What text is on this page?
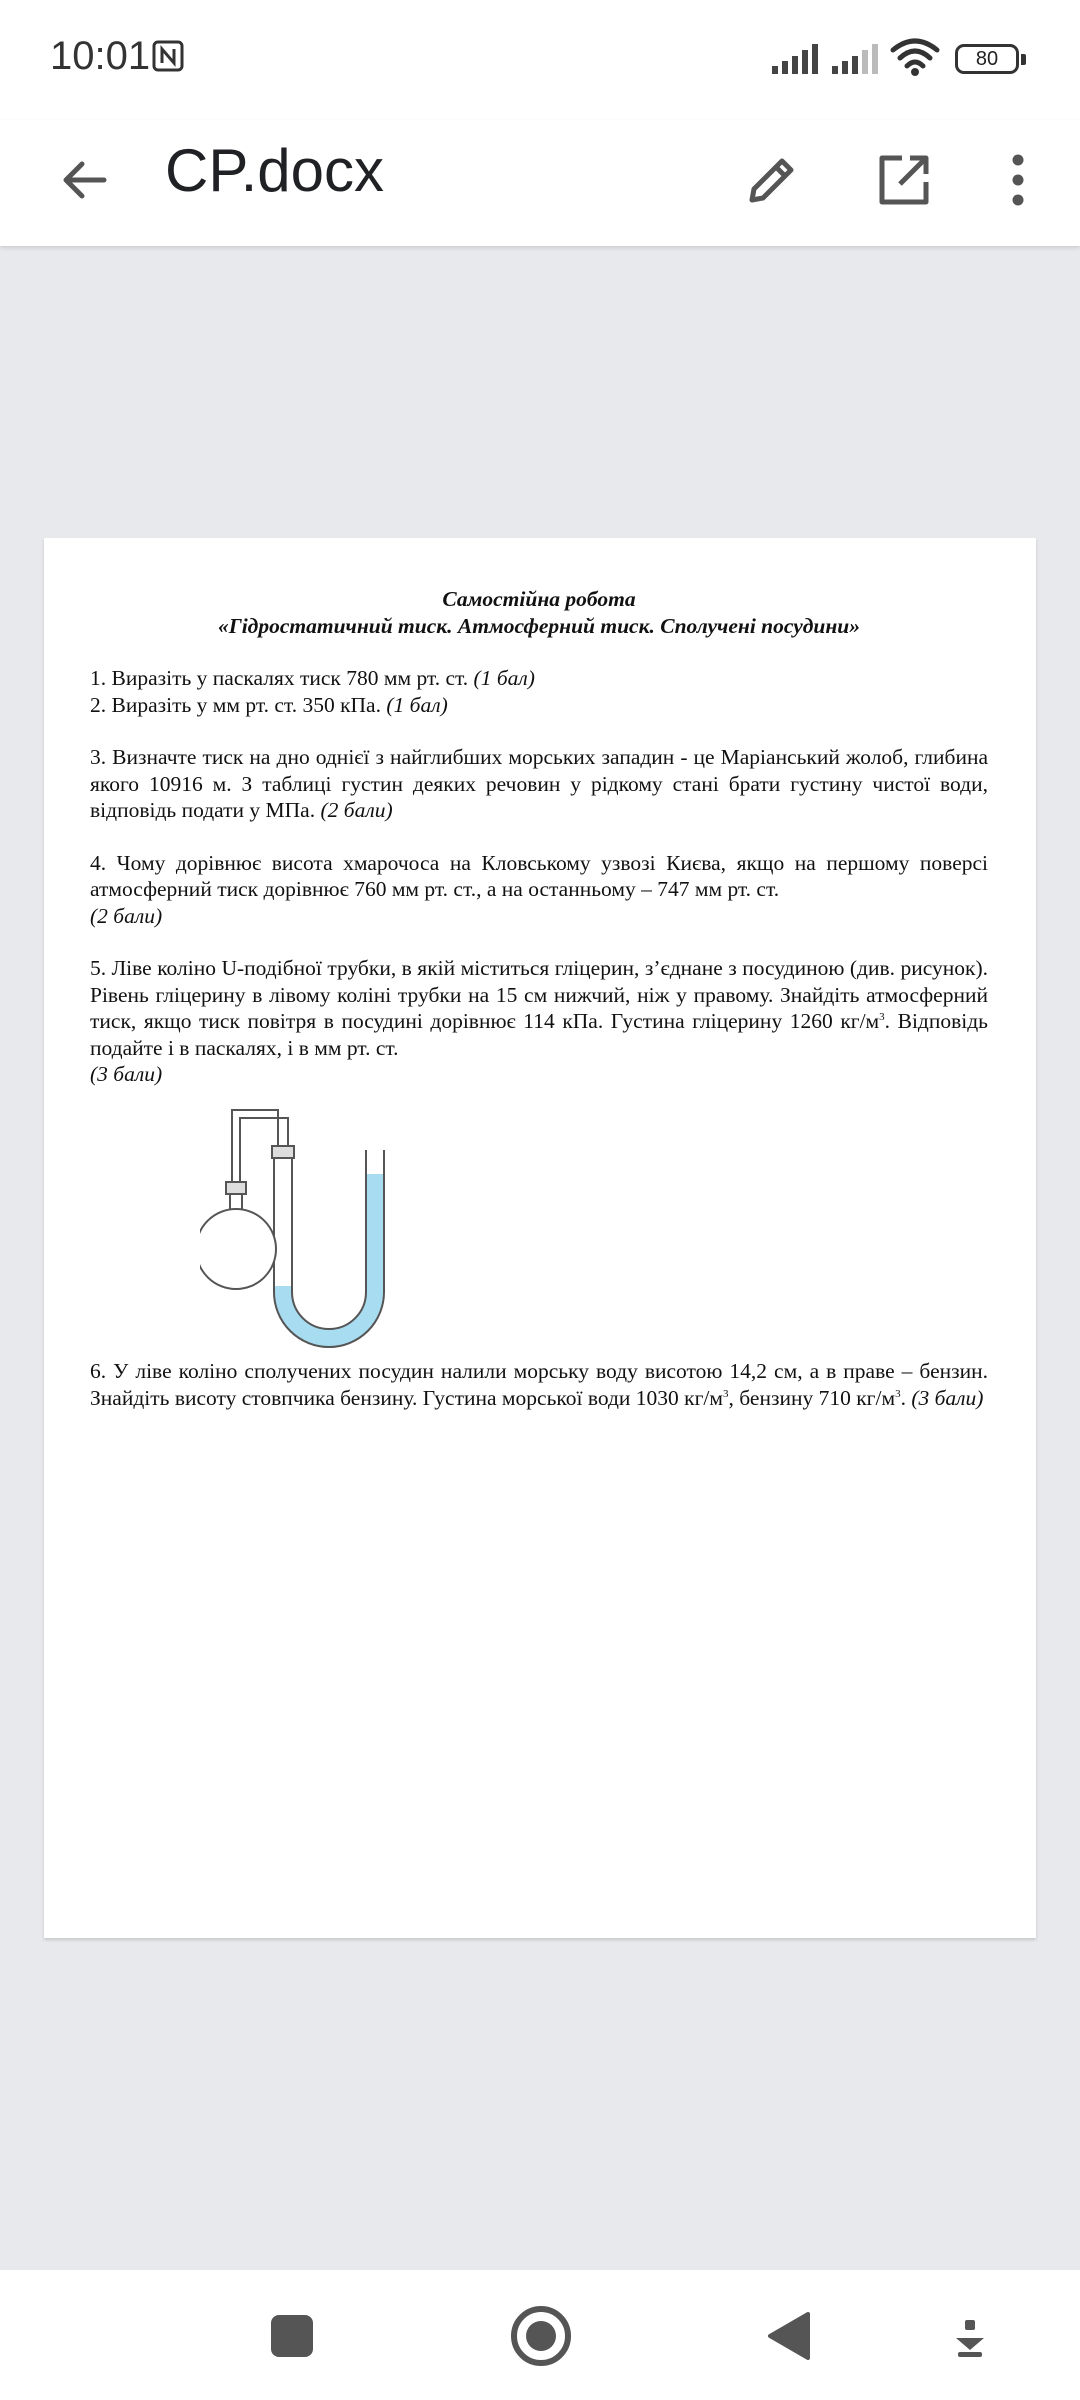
10:01	80
CP.docx

Самостійна робота

«Гідростатичний тиск. Атмосферний тиск. Сполучені посудини»

1. Виразіть у паскалях тиск 780 мм рт. ст. (1 бал)

2. Виразіть у мм рт. ст. 350 кПа. (1 бал)

3. Визначте тиск на дно однієї з найглибших морських западин - це Маріанський жолоб, глибина якого 10916 м. З таблиці густин деяких речовин у рідкому стані брати густину чистої води, відповідь подати у МПа. (2 бали)

4. Чому дорівнює висота хмарочоса на Кловському узвозі Києва, якщо на першому поверсі атмосферний тиск дорівнює 760 мм рт. ст., а на останньому – 747 мм рт. ст.
(2 бали)

5. Ліве коліно U-подібної трубки, в якій міститься гліцерин, з’єднане з посудиною (див. рисунок). Рівень гліцерину в лівому коліні трубки на 15 см нижчий, ніж у правому. Знайдіть атмосферний тиск, якщо тиск повітря в посудині дорівнює 114 кПа. Густина гліцерину 1260 $кг/м^3$. Відповідь подайте і в паскалях, і в мм рт. ст.
(3 бали)

6. У ліве коліно сполучених посудин налили морську воду висотою 14,2 см, а в праве – бензин. Знайдіть висоту стовпчика бензину. Густина морської води 1030 $кг/м^3$, бензину 710 $кг/м^3$. (3 бали)
